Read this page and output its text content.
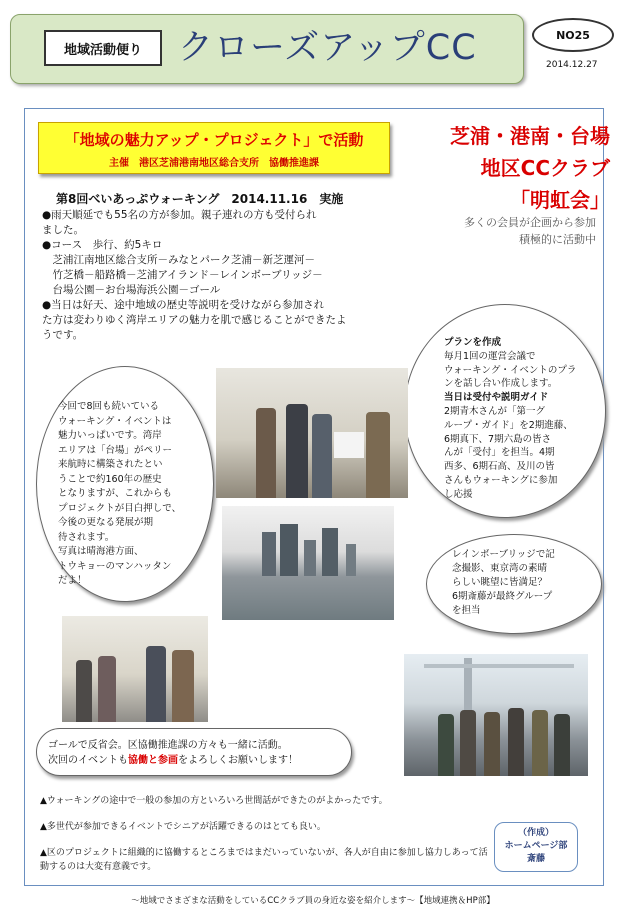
地域活動便り	クローズアップCC	NO25
2014.12.27
「地域の魅力アップ・プロジェクト」で活動
主催　港区芝浦港南地区総合支所　協働推進課
芝浦・港南・台場
地区CCクラブ
「明虹会」
多くの会員が企画から参加
積極的に活動中
第8回べいあっぷウォーキング　2014.11.16　実施

●雨天順延でも55名の方が参加。親子連れの方も受付られ

ました。

●コース　歩行、約5キロ

　芝浦江南地区総合支所－みなとパーク芝浦－新芝運河－

　竹芝橋－船路橋－芝浦アイランド－レインボーブリッジ－

　台場公園－お台場海浜公園－ゴール

●当日は好天、途中地域の歴史等説明を受けながら参加され

た方は変わりゆく湾岸エリアの魅力を肌で感じることができたよ

うです。

今回で8回も続いている
ウォーキング・イベントは
魅力いっぱいです。湾岸
エリアは「台場」がペリー
来航時に構築されたとい
うことで約160年の歴史
となりますが、これからも
プロジェクトが目白押しで、
今後の更なる発展が期
待されます。
写真は晴海港方面、
トウキョーのマンハッタン
だよ！
プランを作成
毎月1回の運営会議で
ウォーキング・イベントのプラ
ンを話し合い作成します。
当日は受付や説明ガイド
2期青木さんが「第一グ
ループ・ガイド」を2期進藤、
6期真下、7期六島の皆さ
んが「受付」を担当。4期
西多、6期石高、及川の皆
さんもウォーキングに参加
し応援
レインボーブリッジで記
念撮影、東京湾の素晴
らしい眺望に皆満足？
6期斎藤が最終グループ
を担当
ゴールで反省会。区協働推進課の方々も一緒に活動。
次回のイベントも協働と参画をよろしくお願いします！
▲ウォーキングの途中で一般の参加の方といろいろ世間話ができたのがよかったです。
▲多世代が参加できるイベントでシニアが活躍できるのはとても良い。
▲区のプロジェクトに組織的に協働するところまではまだいっていないが、各人が自由に参加し協力しあって活
動するのは大変有意義です。
（作成）
ホームページ部
斎藤
～地域でさまざまな活動をしているCCクラブ員の身近な姿を紹介します～【地域連携＆HP部】
